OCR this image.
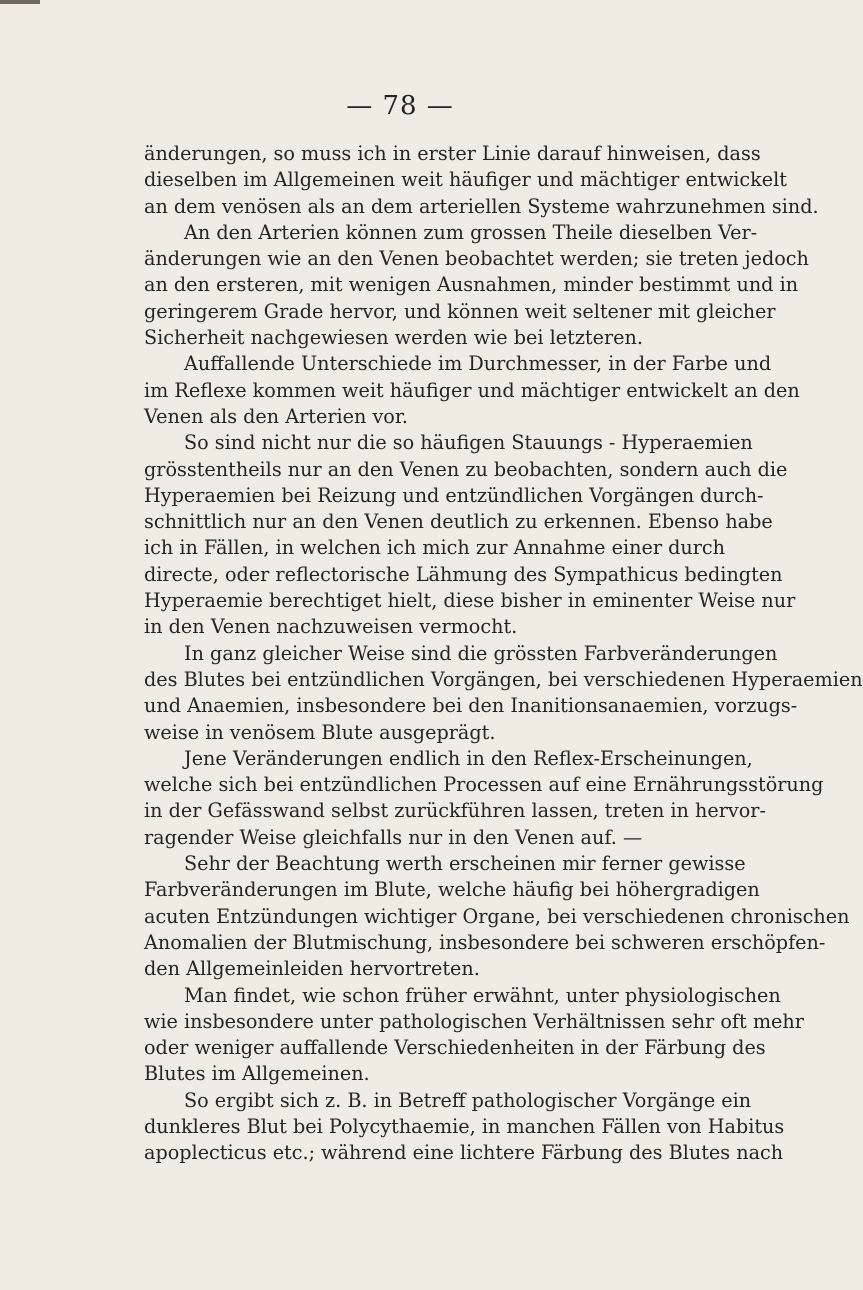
— 78 —
änderungen, so muss ich in erster Linie darauf hinweisen, dass
dieselben im Allgemeinen weit häufiger und mächtiger entwickelt
an dem venösen als an dem arteriellen Systeme wahrzunehmen sind.
An den Arterien können zum grossen Theile dieselben Ver-
änderungen wie an den Venen beobachtet werden; sie treten jedoch
an den ersteren, mit wenigen Ausnahmen, minder bestimmt und in
geringerem Grade hervor, und können weit seltener mit gleicher
Sicherheit nachgewiesen werden wie bei letzteren.
Auffallende Unterschiede im Durchmesser, in der Farbe und
im Reflexe kommen weit häufiger und mächtiger entwickelt an den
Venen als den Arterien vor.
So sind nicht nur die so häufigen Stauungs - Hyperaemien
grösstentheils nur an den Venen zu beobachten, sondern auch die
Hyperaemien bei Reizung und entzündlichen Vorgängen durch-
schnittlich nur an den Venen deutlich zu erkennen. Ebenso habe
ich in Fällen, in welchen ich mich zur Annahme einer durch
directe, oder reflectorische Lähmung des Sympathicus bedingten
Hyperaemie berechtiget hielt, diese bisher in eminenter Weise nur
in den Venen nachzuweisen vermocht.
In ganz gleicher Weise sind die grössten Farbveränderungen
des Blutes bei entzündlichen Vorgängen, bei verschiedenen Hyperaemien
und Anaemien, insbesondere bei den Inanitionsanaemien, vorzugs-
weise in venösem Blute ausgeprägt.
Jene Veränderungen endlich in den Reflex-Erscheinungen,
welche sich bei entzündlichen Processen auf eine Ernährungsstörung
in der Gefässwand selbst zurückführen lassen, treten in hervor-
ragender Weise gleichfalls nur in den Venen auf. —
Sehr der Beachtung werth erscheinen mir ferner gewisse
Farbveränderungen im Blute, welche häufig bei höhergradigen
acuten Entzündungen wichtiger Organe, bei verschiedenen chronischen
Anomalien der Blutmischung, insbesondere bei schweren erschöpfen-
den Allgemeinleiden hervortreten.
Man findet, wie schon früher erwähnt, unter physiologischen
wie insbesondere unter pathologischen Verhältnissen sehr oft mehr
oder weniger auffallende Verschiedenheiten in der Färbung des
Blutes im Allgemeinen.
So ergibt sich z. B. in Betreff pathologischer Vorgänge ein
dunkleres Blut bei Polycythaemie, in manchen Fällen von Habitus
apoplecticus etc.; während eine lichtere Färbung des Blutes nach
